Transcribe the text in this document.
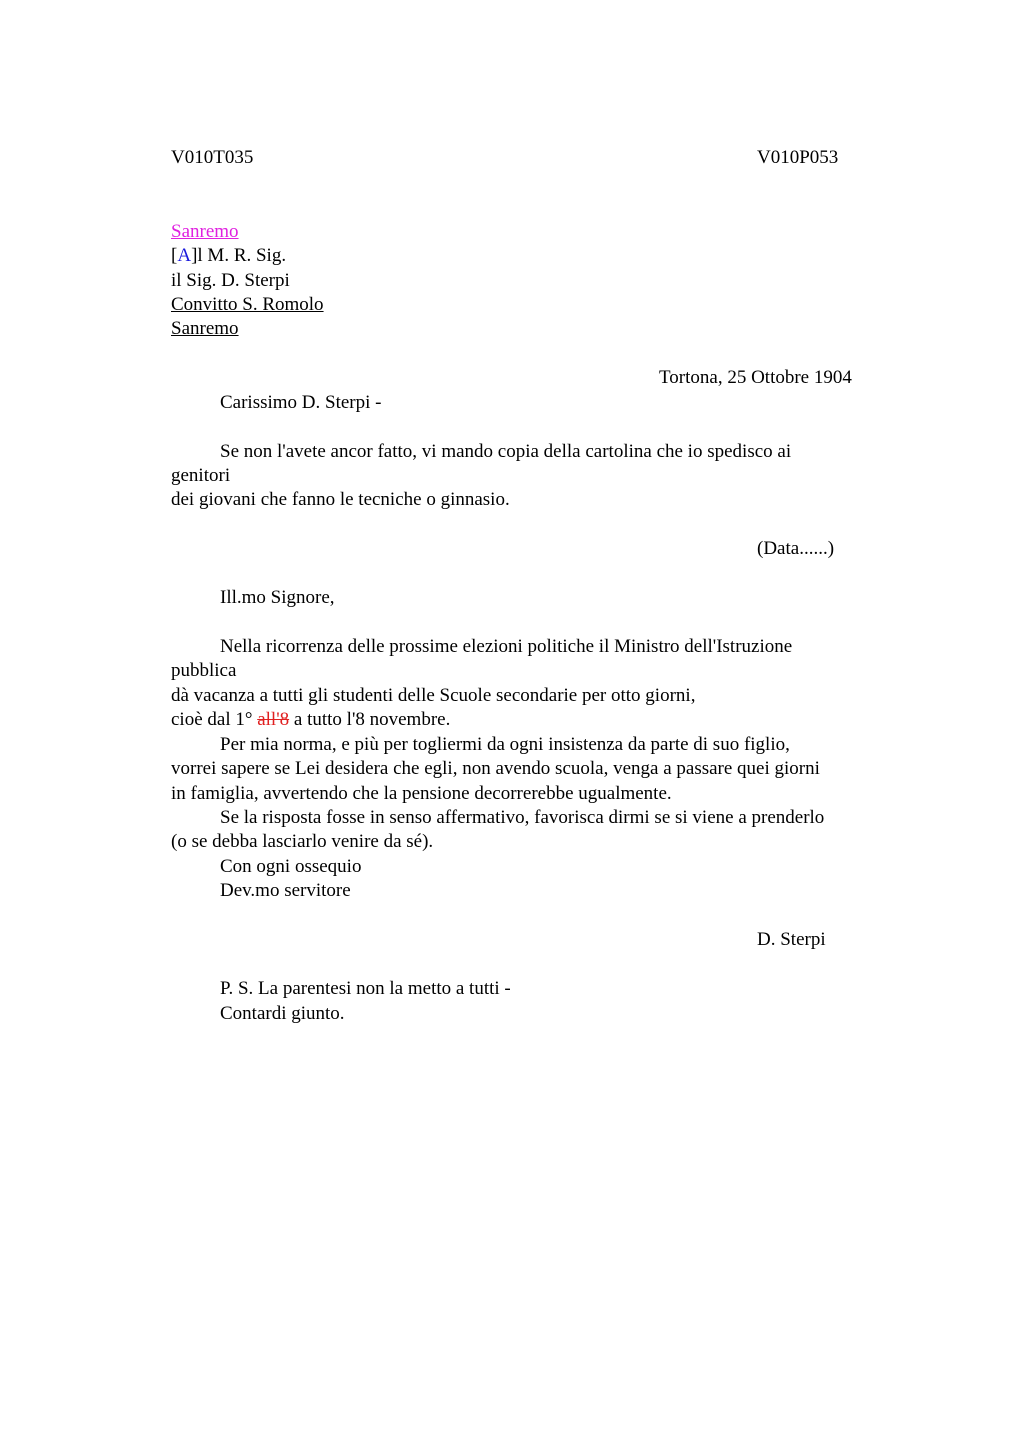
V010T035	V010P053
Sanremo
[A]l M. R. Sig.
il Sig. D. Sterpi
Convitto S. Romolo
Sanremo
Tortona, 25 Ottobre 1904
Carissimo D. Sterpi -
Se non l'avete ancor fatto, vi mando copia della cartolina che io spedisco ai
genitori
dei giovani che fanno le tecniche o ginnasio.
(Data......)
Ill.mo Signore,
Nella ricorrenza delle prossime elezioni politiche il Ministro dell'Istruzione
pubblica
dà vacanza a tutti gli studenti delle Scuole secondarie per otto giorni,
cioè dal 1° all'8 a tutto l'8 novembre.
Per mia norma, e più per togliermi da ogni insistenza da parte di suo figlio,
vorrei sapere se Lei desidera che egli, non avendo scuola, venga a passare quei giorni
in famiglia, avvertendo che la pensione decorrerebbe ugualmente.
Se la risposta fosse in senso affermativo, favorisca dirmi se si viene a prenderlo
(o se debba lasciarlo venire da sé).
Con ogni ossequio
Dev.mo servitore
D. Sterpi
P. S. La parentesi non la metto a tutti -
Contardi giunto.
